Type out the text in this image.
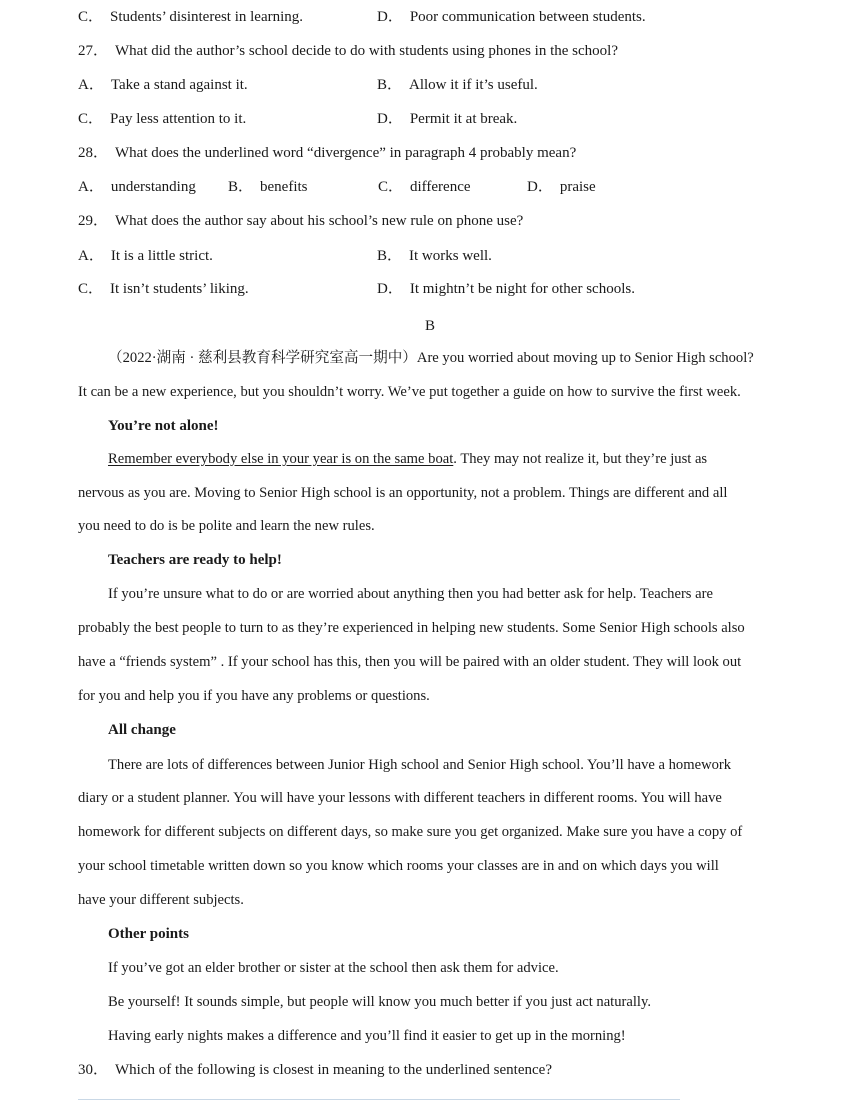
C． Students’ disinterest in learning.	D． Poor communication between students.
27． What did the author’s school decide to do with students using phones in the school?
A． Take a stand against it.	B． Allow it if it’s useful.
C． Pay less attention to it.	D． Permit it at break.
28． What does the underlined word “divergence” in paragraph 4 probably mean?
A． understanding B． benefits	C． difference	D． praise
29． What does the author say about his school’s new rule on phone use?
A． It is a little strict.	B． It works well.
C． It isn’t students’ liking.	D． It mightn’t be night for other schools.
B
（2022·湖南 · 慈利县教育科学研究室高一期中）Are you worried about moving up to Senior High school?
It can be a new experience, but you shouldn’t worry. We’ve put together a guide on how to survive the first week.
You’re not alone!
Remember everybody else in your year is on the same boat. They may not realize it, but they’re just as
nervous as you are. Moving to Senior High school is an opportunity, not a problem. Things are different and all
you need to do is be polite and learn the new rules.
Teachers are ready to help!
If you’re unsure what to do or are worried about anything then you had better ask for help. Teachers are
probably the best people to turn to as they’re experienced in helping new students. Some Senior High schools also
have a “friends system” . If your school has this, then you will be paired with an older student. They will look out
for you and help you if you have any problems or questions.
All change
There are lots of differences between Junior High school and Senior High school. You’ll have a homework
diary or a student planner. You will have your lessons with different teachers in different rooms. You will have
homework for different subjects on different days, so make sure you get organized. Make sure you have a copy of
your school timetable written down so you know which rooms your classes are in and on which days you will
have your different subjects.
Other points
If you’ve got an elder brother or sister at the school then ask them for advice.
Be yourself! It sounds simple, but people will know you much better if you just act naturally.
Having early nights makes a difference and you’ll find it easier to get up in the morning!
30． Which of the following is closest in meaning to the underlined sentence?
